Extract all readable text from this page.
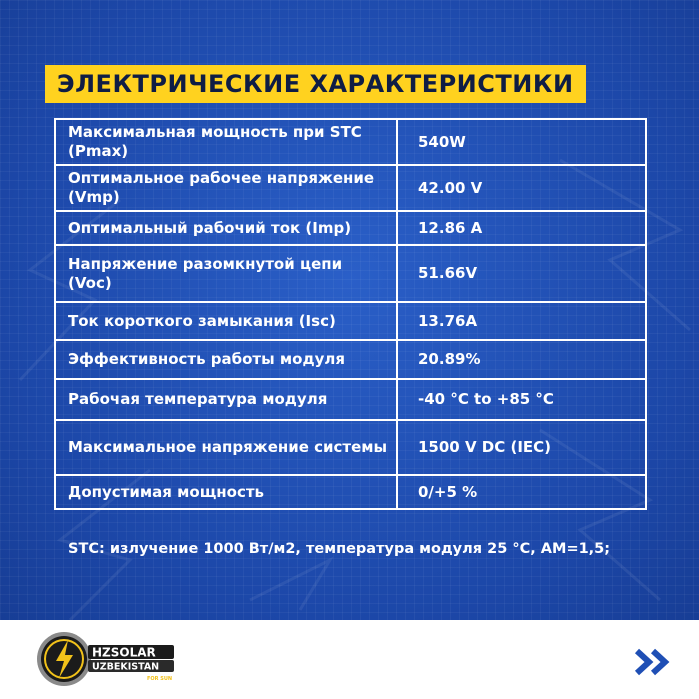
ЭЛЕКТРИЧЕСКИЕ ХАРАКТЕРИСТИКИ
Максимальная мощность при STC (Pmax)	540W
Оптимальное рабочее напряжение (Vmp)	42.00 V
Оптимальный рабочий ток (Imp)	12.86 A
Напряжение разомкнутой цепи (Voc)	51.66V
Ток короткого замыкания (Isc)	13.76A
Эффективность работы модуля	20.89%
Рабочая температура модуля	-40 °C to +85 °C
Максимальное напряжение системы	1500 V DC (IEC)
Допустимая мощность	0/+5 %
STC: излучение 1000 Вт/м2, температура модуля 25 °C, AM=1,5;
HZSOLAR
UZBEKISTAN
FOR SUN
